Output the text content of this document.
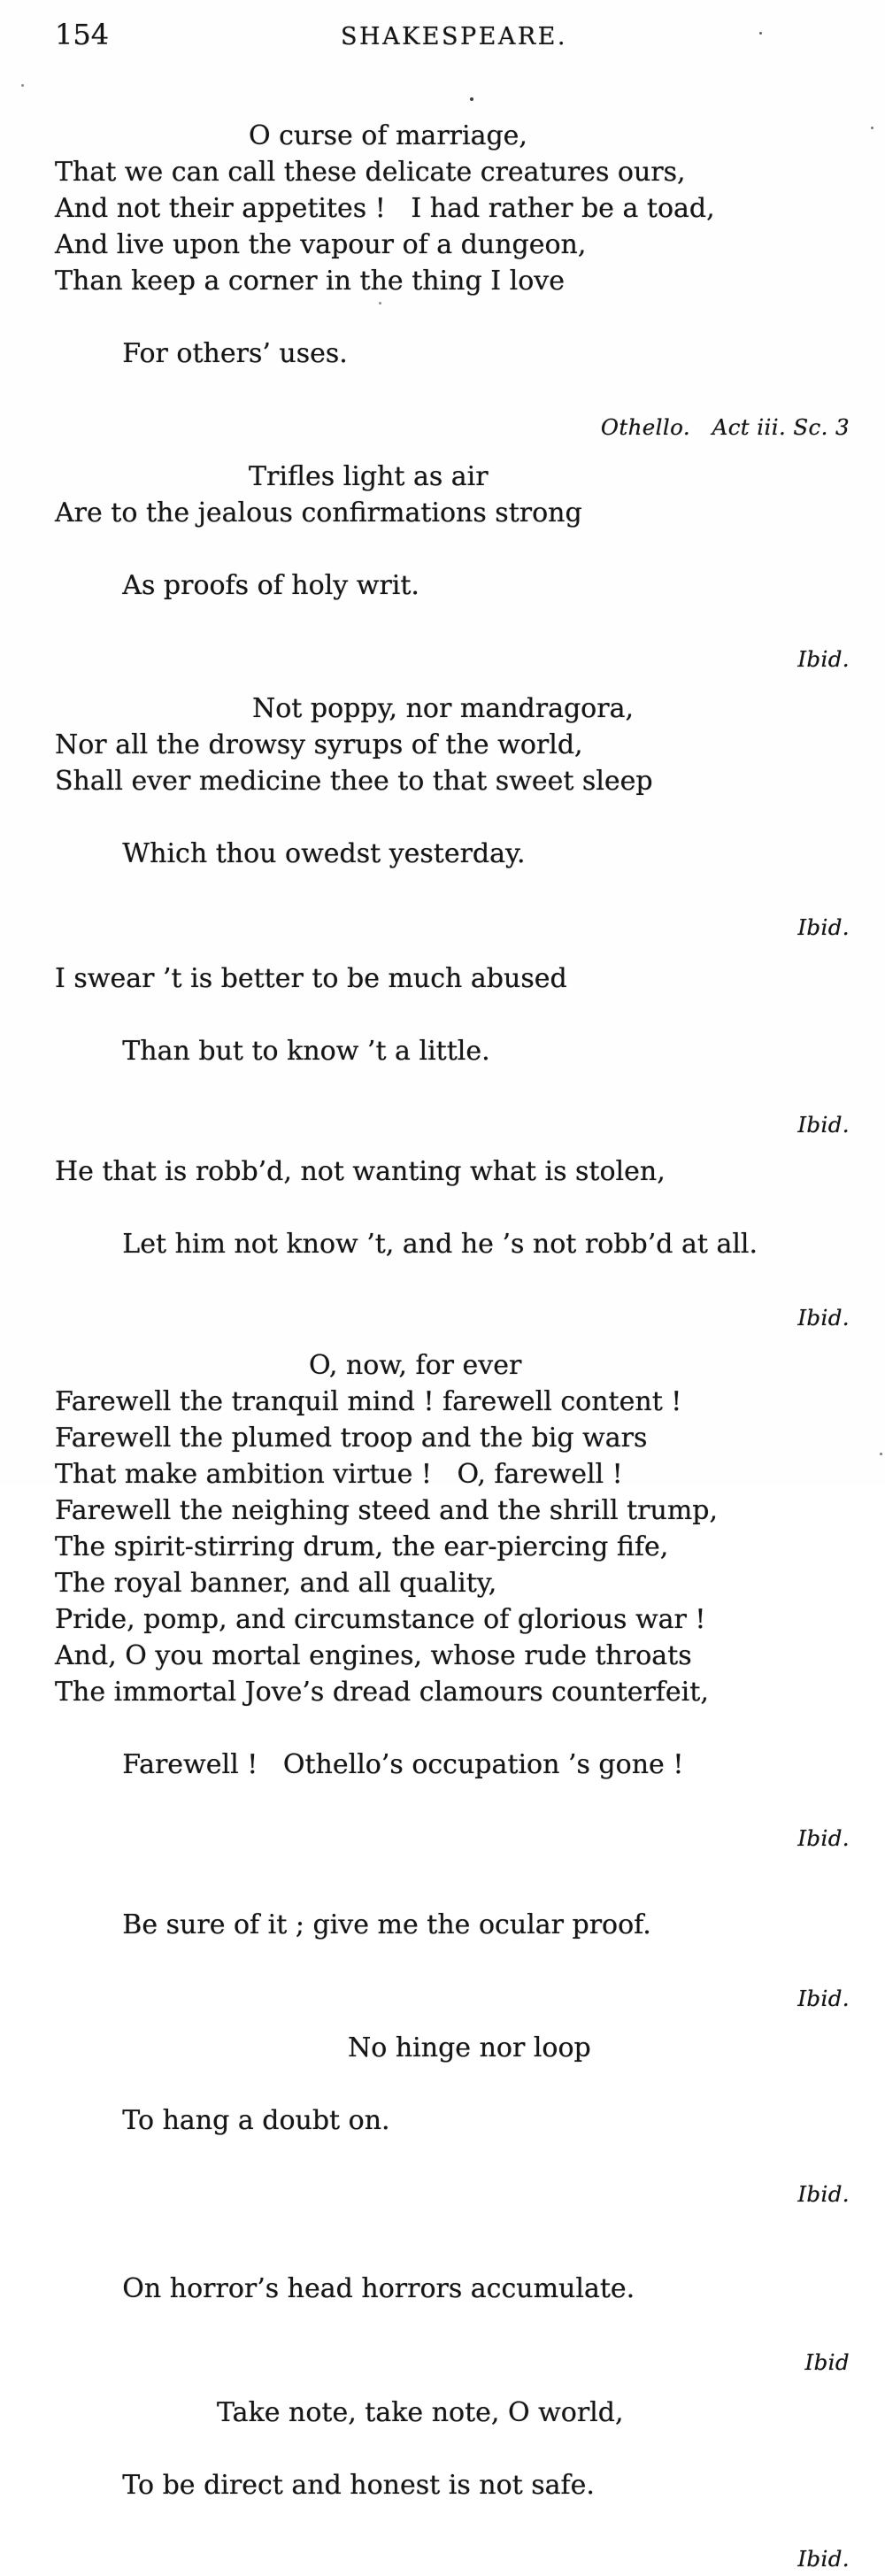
154	SHAKESPEARE.
O curse of marriage,
That we can call these delicate creatures ours,
And not their appetites !   I had rather be a toad,
And live upon the vapour of a dungeon,
Than keep a corner in the thing I love

For others’ uses.

Othello.   Act iii. Sc. 3

Trifles light as air
Are to the jealous confirmations strong

As proofs of holy writ.

Ibid.

Not poppy, nor mandragora,
Nor all the drowsy syrups of the world,
Shall ever medicine thee to that sweet sleep

Which thou owedst yesterday.

Ibid.

I swear ’t is better to be much abused

Than but to know ’t a little.

Ibid.

He that is robb’d, not wanting what is stolen,

Let him not know ’t, and he ’s not robb’d at all.

Ibid.

O, now, for ever
Farewell the tranquil mind ! farewell content !
Farewell the plumed troop and the big wars
That make ambition virtue !   O, farewell !
Farewell the neighing steed and the shrill trump,
The spirit-stirring drum, the ear-piercing fife,
The royal banner, and all quality,
Pride, pomp, and circumstance of glorious war !
And, O you mortal engines, whose rude throats
The immortal Jove’s dread clamours counterfeit,

Farewell !   Othello’s occupation ’s gone !

Ibid.

Be sure of it ; give me the ocular proof.

Ibid.

No hinge nor loop

To hang a doubt on.

Ibid.

On horror’s head horrors accumulate.

Ibid

Take note, take note, O world,

To be direct and honest is not safe.

Ibid.
